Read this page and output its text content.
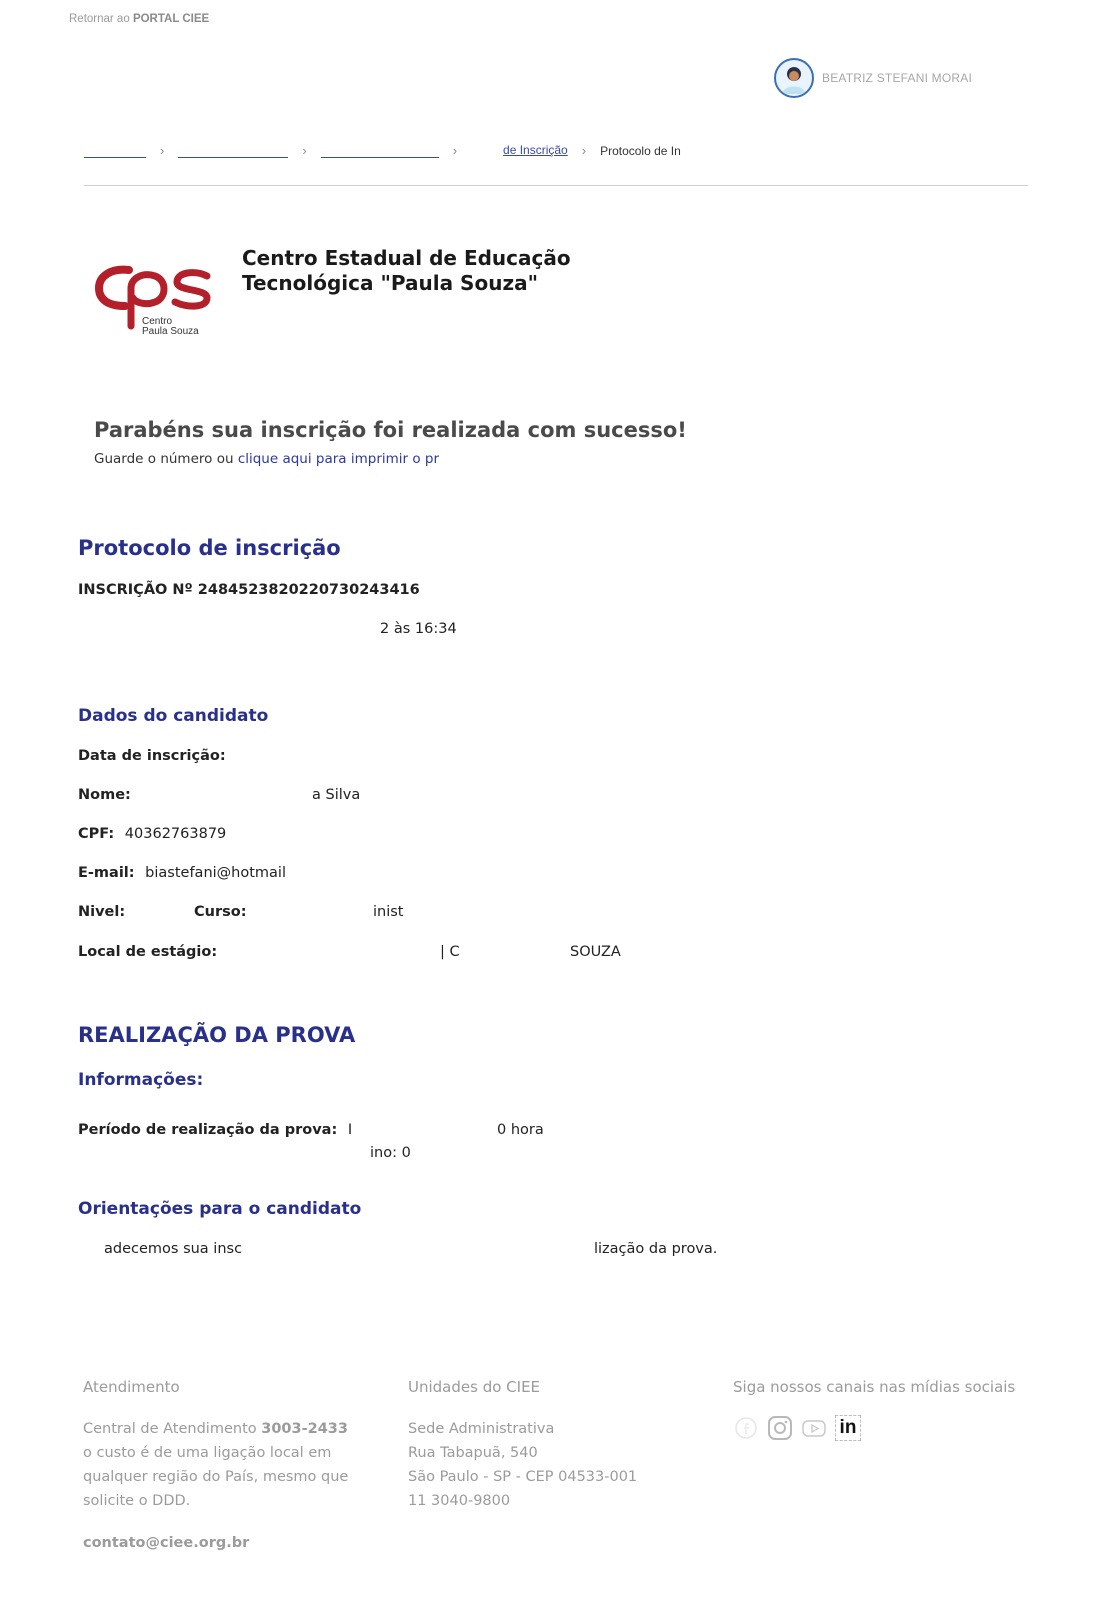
Retornar ao PORTAL CIEE
BEATRIZ STEFANI MORAI
›	›	›	de Inscrição › Protocolo de In
Centro
Paula Souza
Centro Estadual de Educação Tecnológica "Paula Souza"
Parabéns sua inscrição foi realizada com sucesso!
Guarde o número ou clique aqui para imprimir o pr
Protocolo de inscrição
INSCRIÇÃO Nº 2484523820220730243416
2 às 16:34
Dados do candidato
Data de inscrição:
Nome:	a Silva
CPF: 40362763879
E-mail: biastefani@hotmail
Nivel:	Curso:	inist
Local de estágio:	| C	SOUZA
REALIZAÇÃO DA PROVA
Informações:
Período de realização da prova: I	0 hora
ino: 0
Orientações para o candidato
adecemos sua insc	lização da prova.
Atendimento
Central de Atendimento 3003-2433
o custo é de uma ligação local em
qualquer região do País, mesmo que
solicite o DDD.
contato@ciee.org.br
Unidades do CIEE
Sede Administrativa
Rua Tabapuã, 540
São Paulo - SP - CEP 04533-001
11 3040-9800
Siga nossos canais nas mídias sociais
in
